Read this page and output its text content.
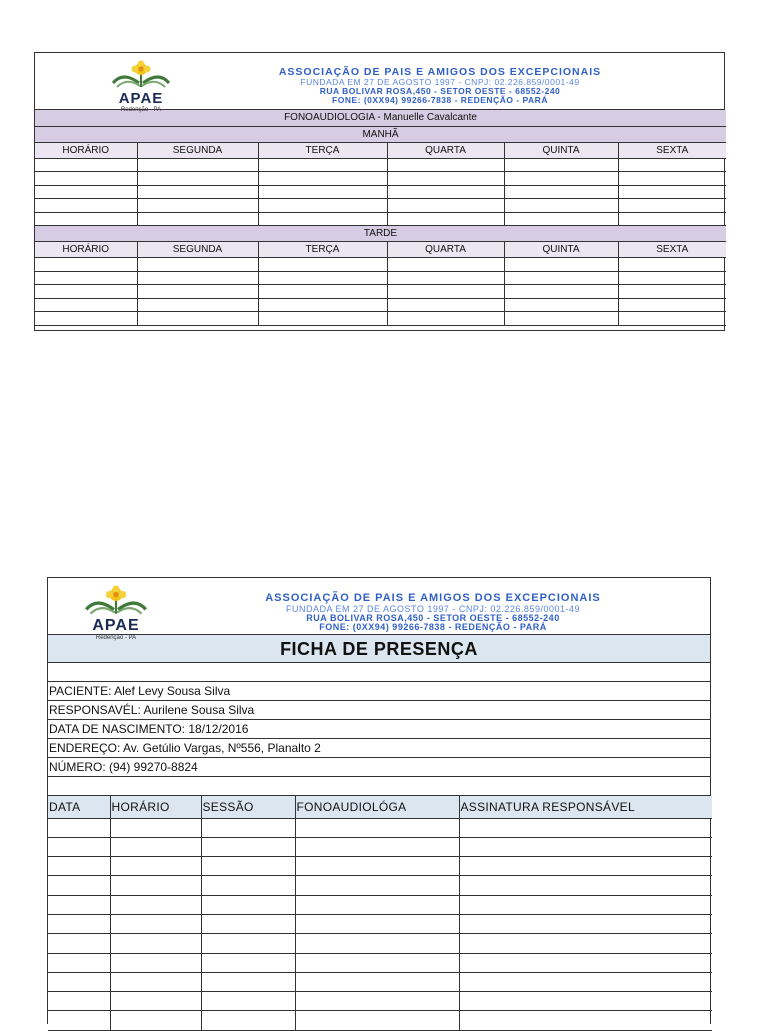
APAE
Redenção - PA
ASSOCIAÇÃO DE PAIS E AMIGOS DOS EXCEPCIONAIS
FUNDADA EM 27 DE AGOSTO 1997 - CNPJ: 02.226.859/0001-49
RUA BOLIVAR ROSA,450 - SETOR OESTE - 68552-240
FONE: (0XX94) 99266-7838 - REDENÇÃO - PARÁ
FONOAUDIOLOGIA - Manuelle Cavalcante					
MANHÃ					
HORÁRIO	SEGUNDA	TERÇA	QUARTA	QUINTA	SEXTA

TARDE					
HORÁRIO	SEGUNDA	TERÇA	QUARTA	QUINTA	SEXTA

APAE
Redenção - PA
ASSOCIAÇÃO DE PAIS E AMIGOS DOS EXCEPCIONAIS
FUNDADA EM 27 DE AGOSTO 1997 - CNPJ: 02.226.859/0001-49
RUA BOLIVAR ROSA,450 - SETOR OESTE - 68552-240
FONE: (0XX94) 99266-7838 - REDENÇÃO - PARÁ
FICHA DE PRESENÇA
PACIENTE: Alef Levy Sousa Silva
RESPONSAVÉL: Aurilene Sousa Silva
DATA DE NASCIMENTO: 18/12/2016
ENDEREÇO: Av. Getúlio Vargas, Nº556, Planalto 2
NÚMERO: (94) 99270-8824
DATA	HORÁRIO	SESSÃO	FONOAUDIOLÓGA	ASSINATURA RESPONSÁVEL
